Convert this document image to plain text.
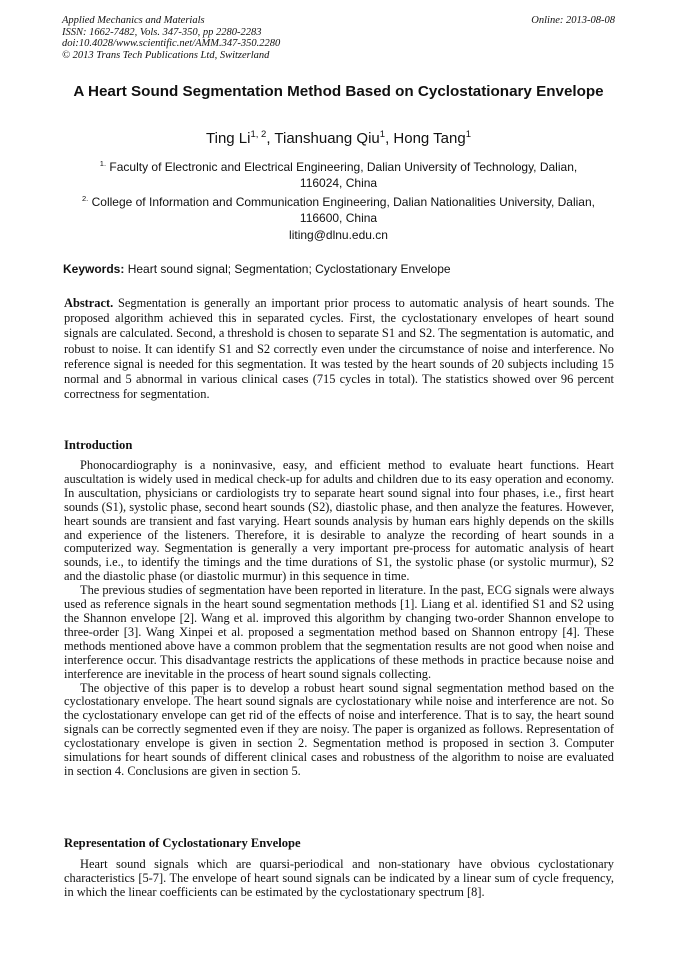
Applied Mechanics and Materials
ISSN: 1662-7482, Vols. 347-350, pp 2280-2283
doi:10.4028/www.scientific.net/AMM.347-350.2280
© 2013 Trans Tech Publications Ltd, Switzerland
Online: 2013-08-08
A Heart Sound Segmentation Method Based on Cyclostationary Envelope
Ting Li$^{1, 2}$, Tianshuang Qiu$^1$, Hong Tang$^1$
$^{1.}$ Faculty of Electronic and Electrical Engineering, Dalian University of Technology, Dalian, 116024, China
$^{2.}$ College of Information and Communication Engineering, Dalian Nationalities University, Dalian, 116600, China
liting@dlnu.edu.cn
Keywords: Heart sound signal; Segmentation; Cyclostationary Envelope
Abstract. Segmentation is generally an important prior process to automatic analysis of heart sounds. The proposed algorithm achieved this in separated cycles. First, the cyclostationary envelopes of heart sound signals are calculated. Second, a threshold is chosen to separate S1 and S2. The segmentation is automatic, and robust to noise. It can identify S1 and S2 correctly even under the circumstance of noise and interference. No reference signal is needed for this segmentation. It was tested by the heart sounds of 20 subjects including 15 normal and 5 abnormal in various clinical cases (715 cycles in total). The statistics showed over 96 percent correctness for segmentation.
Introduction

Phonocardiography is a noninvasive, easy, and efficient method to evaluate heart functions. Heart auscultation is widely used in medical check-up for adults and children due to its easy operation and economy. In auscultation, physicians or cardiologists try to separate heart sound signal into four phases, i.e., first heart sounds (S1), systolic phase, second heart sounds (S2), diastolic phase, and then analyze the features. However, heart sounds are transient and fast varying. Heart sounds analysis by human ears highly depends on the skills and experience of the listeners. Therefore, it is desirable to analyze the recording of heart sounds in a computerized way. Segmentation is generally a very important pre-process for automatic analysis of heart sounds, i.e., to identify the timings and the time durations of S1, the systolic phase (or systolic murmur), S2 and the diastolic phase (or diastolic murmur) in this sequence in time.

The previous studies of segmentation have been reported in literature. In the past, ECG signals were always used as reference signals in the heart sound segmentation methods [1]. Liang et al. identified S1 and S2 using the Shannon envelope [2]. Wang et al. improved this algorithm by changing two-order Shannon envelope to three-order [3]. Wang Xinpei et al. proposed a segmentation method based on Shannon entropy [4]. These methods mentioned above have a common problem that the segmentation results are not good when noise and interference occur. This disadvantage restricts the applications of these methods in practice because noise and interference are inevitable in the process of heart sound signals collecting.

The objective of this paper is to develop a robust heart sound signal segmentation method based on the cyclostationary envelope. The heart sound signals are cyclostationary while noise and interference are not. So the cyclostationary envelope can get rid of the effects of noise and interference. That is to say, the heart sound signals can be correctly segmented even if they are noisy. The paper is organized as follows. Representation of cyclostationary envelope is given in section 2. Segmentation method is proposed in section 3. Computer simulations for heart sounds of different clinical cases and robustness of the algorithm to noise are evaluated in section 4. Conclusions are given in section 5.

Representation of Cyclostationary Envelope

Heart sound signals which are quarsi-periodical and non-stationary have obvious cyclostationary characteristics [5-7]. The envelope of heart sound signals can be indicated by a linear sum of cycle frequency, in which the linear coefficients can be estimated by the cyclostationary spectrum [8].
